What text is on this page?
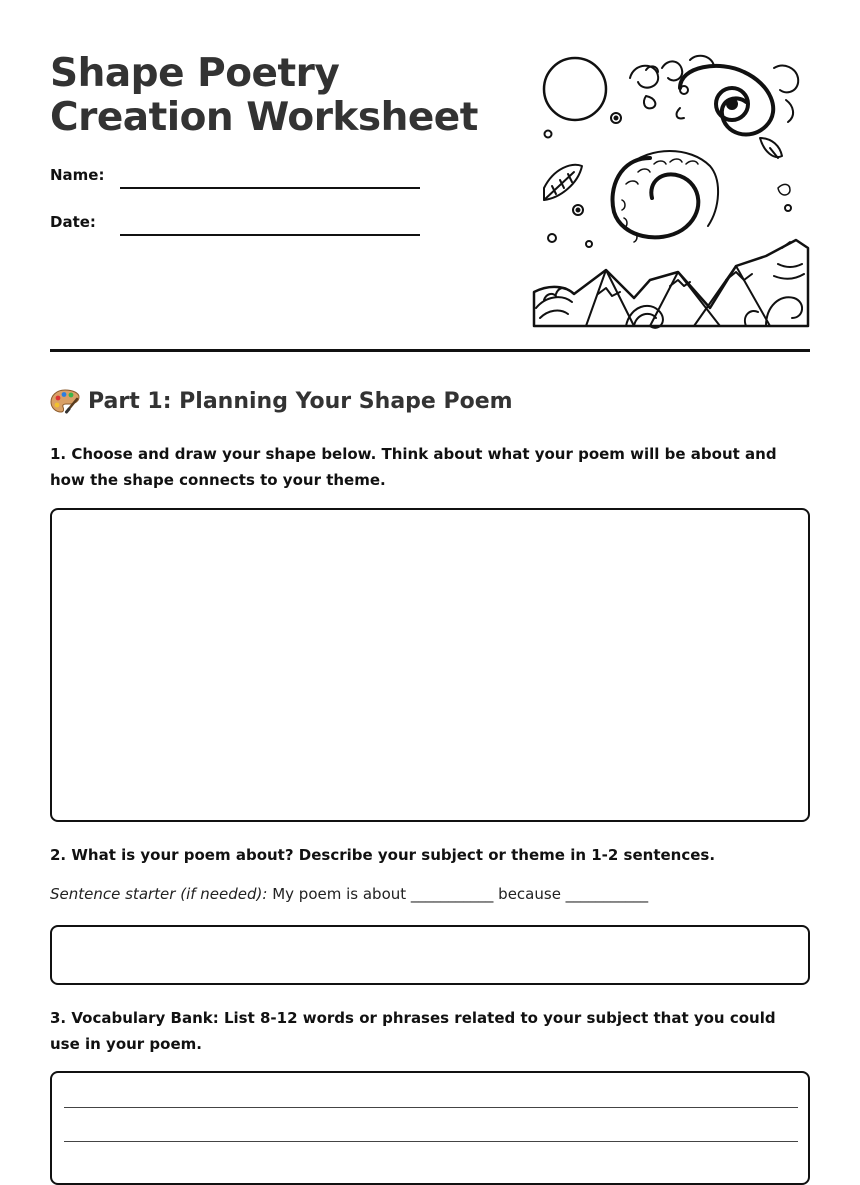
Shape Poetry Creation Worksheet
Name:
Date:
Part 1: Planning Your Shape Poem

1. Choose and draw your shape below. Think about what your poem will be about and how the shape connects to your theme.

2. What is your poem about? Describe your subject or theme in 1-2 sentences.

Sentence starter (if needed): My poem is about ___________ because ___________

3. Vocabulary Bank: List 8-12 words or phrases related to your subject that you could use in your poem.
